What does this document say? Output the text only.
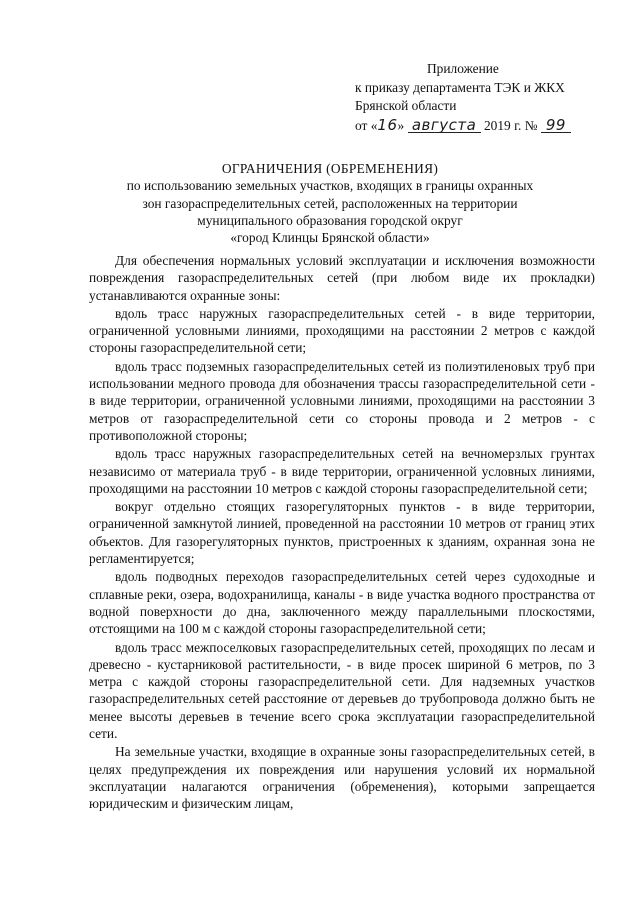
Приложение
к приказу департамента ТЭК и ЖКХ
Брянской области
от «16» августа 2019 г. № 99
ОГРАНИЧЕНИЯ (ОБРЕМЕНЕНИЯ)
по использованию земельных участков, входящих в границы охранных
зон газораспределительных сетей, расположенных на территории
муниципального образования городской округ
«город Клинцы Брянской области»

Для обеспечения нормальных условий эксплуатации и исключения возможности повреждения газораспределительных сетей (при любом виде их прокладки) устанавливаются охранные зоны:

вдоль трасс наружных газораспределительных сетей - в виде территории, ограниченной условными линиями, проходящими на расстоянии 2 метров с каждой стороны газораспределительной сети;

вдоль трасс подземных газораспределительных сетей из полиэтиленовых труб при использовании медного провода для обозначения трассы газораспределительной сети - в виде территории, ограниченной условными линиями, проходящими на расстоянии 3 метров от газораспределительной сети со стороны провода и 2 метров - с противоположной стороны;

вдоль трасс наружных газораспределительных сетей на вечномерзлых грунтах независимо от материала труб - в виде территории, ограниченной условных линиями, проходящими на расстоянии 10 метров с каждой стороны газораспределительной сети;

вокруг отдельно стоящих газорегуляторных пунктов - в виде территории, ограниченной замкнутой линией, проведенной на расстоянии 10 метров от границ этих объектов. Для газорегуляторных пунктов, пристроенных к зданиям, охранная зона не регламентируется;

вдоль подводных переходов газораспределительных сетей через судоходные и сплавные реки, озера, водохранилища, каналы - в виде участка водного пространства от водной поверхности до дна, заключенного между параллельными плоскостями, отстоящими на 100 м с каждой стороны газораспределительной сети;

вдоль трасс межпоселковых газораспределительных сетей, проходящих по лесам и древесно - кустарниковой растительности, - в виде просек шириной 6 метров, по 3 метра с каждой стороны газораспределительной сети. Для надземных участков газораспределительных сетей расстояние от деревьев до трубопровода должно быть не менее высоты деревьев в течение всего срока эксплуатации газораспределительной сети.

На земельные участки, входящие в охранные зоны газораспределительных сетей, в целях предупреждения их повреждения или нарушения условий их нормальной эксплуатации налагаются ограничения (обременения), которыми запрещается юридическим и физическим лицам,
